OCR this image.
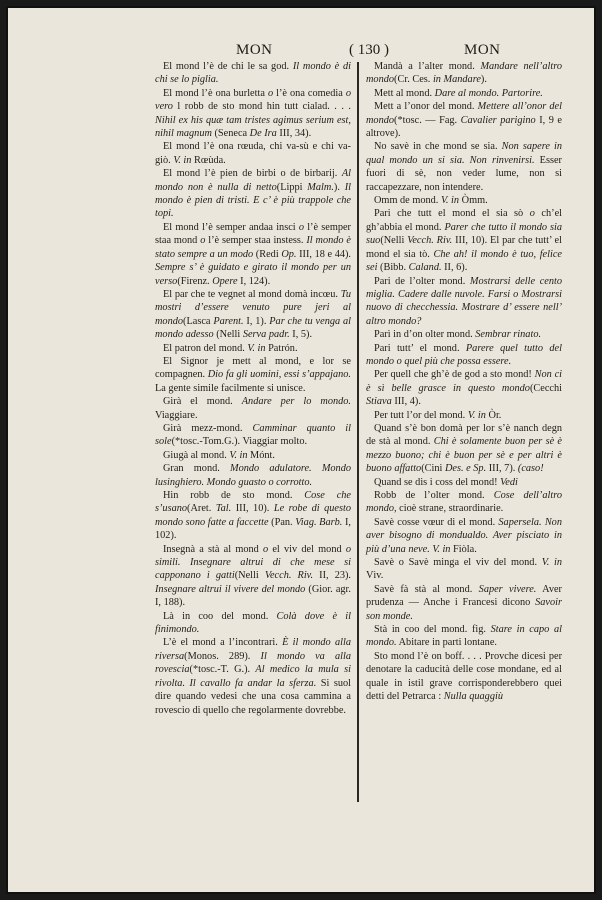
MON	( 130 )	MON

El mond l’è de chi le sa god. Il mondo è di chi se lo piglia.

El mond l’è ona burletta o l’è ona comedia o vero l robb de sto mond hin tutt cialad. . . . Nihil ex his quæ tam tristes agimus serium est, nihil magnum (Seneca De Ira III, 34).

El mond l’è ona rœuda, chi va-sù e chi va-giò. V. in Rœùda.

El mond l’è pien de birbi o de birbarij. Al mondo non è nulla di netto(Lippi Malm.). Il mondo è pien di tristi. E c’ è più trappole che topi.

El mond l’è semper andaa insci o l’è semper staa mond o l’è semper staa instess. Il mondo è stato sempre a un modo (Redi Op. III, 18 e 44). Sempre s’ è guidato e girato il mondo per un verso(Firenz. Opere I, 124).

El par che te vegnet al mond domà incœu. Tu mostri d’essere venuto pure jeri al mondo(Lasca Parent. I, 1). Par che tu venga al mondo adesso (Nelli Serva padr. I, 5).

El patron del mond. V. in Patrón.

El Signor je mett al mond, e lor se compagnen. Dio fa gli uomini, essi s’appajano. La gente simile facilmente si unisce.

Girà el mond. Andare per lo mondo. Viaggiare.

Girà mezz-mond. Camminar quanto il sole(*tosc.-Tom.G.). Viaggiar molto.

Giugà al mond. V. in Mónt.

Gran mond. Mondo adulatore. Mondo lusinghiero. Mondo guasto o corrotto.

Hin robb de sto mond. Cose che s’usano(Aret. Tal. III, 10). Le robe di questo mondo sono fatte a faccette (Pan. Viag. Barb. I, 102).

Insegnà a stà al mond o el viv del mond o simili. Insegnare altrui di che mese si capponano i gatti(Nelli Vecch. Riv. II, 23). Insegnare altrui il vivere del mondo (Gior. agr. I, 188).

Là in coo del mond. Colà dove è il finimondo.

L’è el mond a l’incontrari. È il mondo alla riversa(Monos. 289). Il mondo va alla rovescia(*tosc.-T. G.). Al medico la mula si rivolta. Il cavallo fa andar la sferza. Si suol dire quando vedesi che una cosa cammina a rovescio di quello che regolarmente dovrebbe.

Mandà a l’alter mond. Mandare nell’altro mondo(Cr. Ces. in Mandare).

Mett al mond. Dare al mondo. Partorire.

Mett a l’onor del mond. Mettere all’onor del mondo(*tosc. — Fag. Cavalier parigino I, 9 e altrove).

No savè in che mond se sia. Non sapere in qual mondo un si sia. Non rinvenirsi. Esser fuori di sè, non veder lume, non si raccapezzare, non intendere.

Omm de mond. V. in Òmm.

Pari che tutt el mond el sia sò o ch’el gh’abbia el mond. Parer che tutto il mondo sia suo(Nelli Vecch. Riv. III, 10). El par che tutt’ el mond el sia tò. Che ah! il mondo è tuo, felice sei (Bibb. Caland. II, 6).

Pari de l’olter mond. Mostrarsi delle cento miglia. Cadere dalle nuvole. Farsi o Mostrarsi nuovo di checchessia. Mostrare d’ essere nell’ altro mondo?

Parì in d’on olter mond. Sembrar rinato.

Pari tutt’ el mond. Parere quel tutto del mondo o quel più che possa essere.

Per quell che gh’è de god a sto mond! Non ci è sì belle grasce in questo mondo(Cecchi Stiava III, 4).

Per tutt l’or del mond. V. in Òr.

Quand s’è bon domà per lor s’è nanch degn de stà al mond. Chi è solamente buon per sè è mezzo buono; chi è buon per sè e per altri è buono affatto(Cini Des. e Sp. III, 7). (caso!

Quand se dis i coss del mond! Vedi

Robb de l’olter mond. Cose dell’altro mondo, cioè strane, straordinarie.

Savè cosse vœur di el mond. Sapersela. Non aver bisogno di mondualdo. Aver pisciato in più d’una neve. V. in Fiòla.

Savè o Savè minga el viv del mond. V. in Vìv.

Savè fà stà al mond. Saper vivere. Aver prudenza — Anche i Francesi dicono Savoir son monde.

Stà in coo del mond. fig. Stare in capo al mondo. Abitare in parti lontane.

Sto mond l’è on boff. . . . Provche dicesi per denotare la caducità delle cose mondane, ed al quale in istil grave corrisponderebbero quei detti del Petrarca : Nulla quaggiù
